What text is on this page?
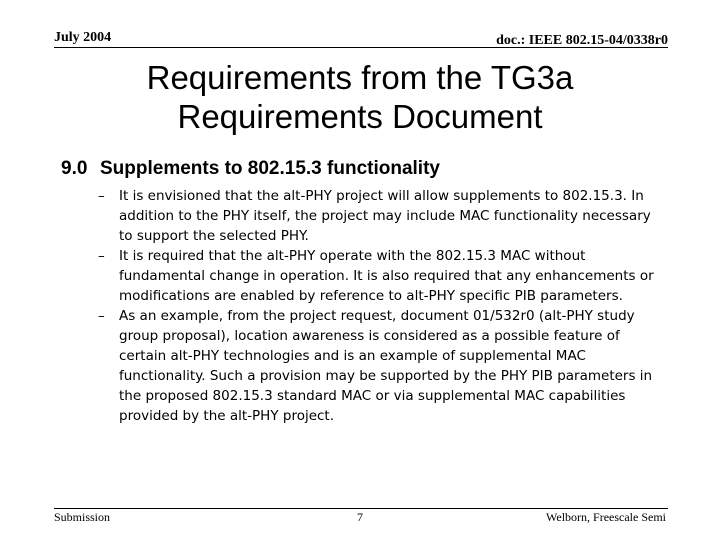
July 2004	doc.: IEEE 802.15-04/0338r0
Requirements from the TG3a
Requirements Document
9.0 Supplements to 802.15.3 functionality
– It is envisioned that the alt-PHY project will allow supplements to 802.15.3. In addition to the PHY itself, the project may include MAC functionality necessary to support the selected PHY.
– It is required that the alt-PHY operate with the 802.15.3 MAC without fundamental change in operation. It is also required that any enhancements or modifications are enabled by reference to alt-PHY specific PIB parameters.
– As an example, from the project request, document 01/532r0 (alt-PHY study group proposal), location awareness is considered as a possible feature of certain alt-PHY technologies and is an example of supplemental MAC functionality. Such a provision may be supported by the PHY PIB parameters in the proposed 802.15.3 standard MAC or via supplemental MAC capabilities provided by the alt-PHY project.
Submission	7	Welborn, Freescale Semi
